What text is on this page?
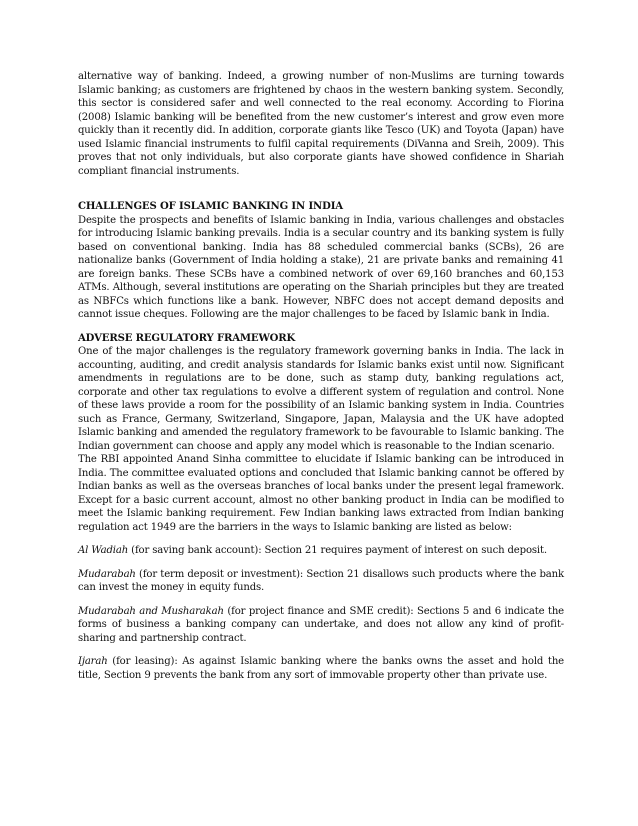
alternative way of banking. Indeed, a growing number of non-Muslims are turning towards Islamic banking; as customers are frightened by chaos in the western banking system. Secondly, this sector is considered safer and well connected to the real economy. According to Fiorina (2008) Islamic banking will be benefited from the new customer’s interest and grow even more quickly than it recently did. In addition, corporate giants like Tesco (UK) and Toyota (Japan) have used Islamic financial instruments to fulfil capital requirements (DiVanna and Sreih, 2009). This proves that not only individuals, but also corporate giants have showed confidence in Shariah compliant financial instruments.

CHALLENGES OF ISLAMIC BANKING IN INDIA

Despite the prospects and benefits of Islamic banking in India, various challenges and obstacles for introducing Islamic banking prevails. India is a secular country and its banking system is fully based on conventional banking. India has 88 scheduled commercial banks (SCBs), 26 are nationalize banks (Government of India holding a stake), 21 are private banks and remaining 41 are foreign banks. These SCBs have a combined network of over 69,160 branches and 60,153 ATMs. Although, several institutions are operating on the Shariah principles but they are treated as NBFCs which functions like a bank. However, NBFC does not accept demand deposits and cannot issue cheques. Following are the major challenges to be faced by Islamic bank in India.

ADVERSE REGULATORY FRAMEWORK

One of the major challenges is the regulatory framework governing banks in India. The lack in accounting, auditing, and credit analysis standards for Islamic banks exist until now. Significant amendments in regulations are to be done, such as stamp duty, banking regulations act, corporate and other tax regulations to evolve a different system of regulation and control. None of these laws provide a room for the possibility of an Islamic banking system in India. Countries such as France, Germany, Switzerland, Singapore, Japan, Malaysia and the UK have adopted Islamic banking and amended the regulatory framework to be favourable to Islamic banking. The Indian government can choose and apply any model which is reasonable to the Indian scenario.

The RBI appointed Anand Sinha committee to elucidate if Islamic banking can be introduced in India. The committee evaluated options and concluded that Islamic banking cannot be offered by Indian banks as well as the overseas branches of local banks under the present legal framework. Except for a basic current account, almost no other banking product in India can be modified to meet the Islamic banking requirement. Few Indian banking laws extracted from Indian banking regulation act 1949 are the barriers in the ways to Islamic banking are listed as below:

Al Wadiah (for saving bank account): Section 21 requires payment of interest on such deposit.

Mudarabah (for term deposit or investment): Section 21 disallows such products where the bank can invest the money in equity funds.

Mudarabah and Musharakah (for project finance and SME credit): Sections 5 and 6 indicate the forms of business a banking company can undertake, and does not allow any kind of profit-sharing and partnership contract.

Ijarah (for leasing): As against Islamic banking where the banks owns the asset and hold the title, Section 9 prevents the bank from any sort of immovable property other than private use.
